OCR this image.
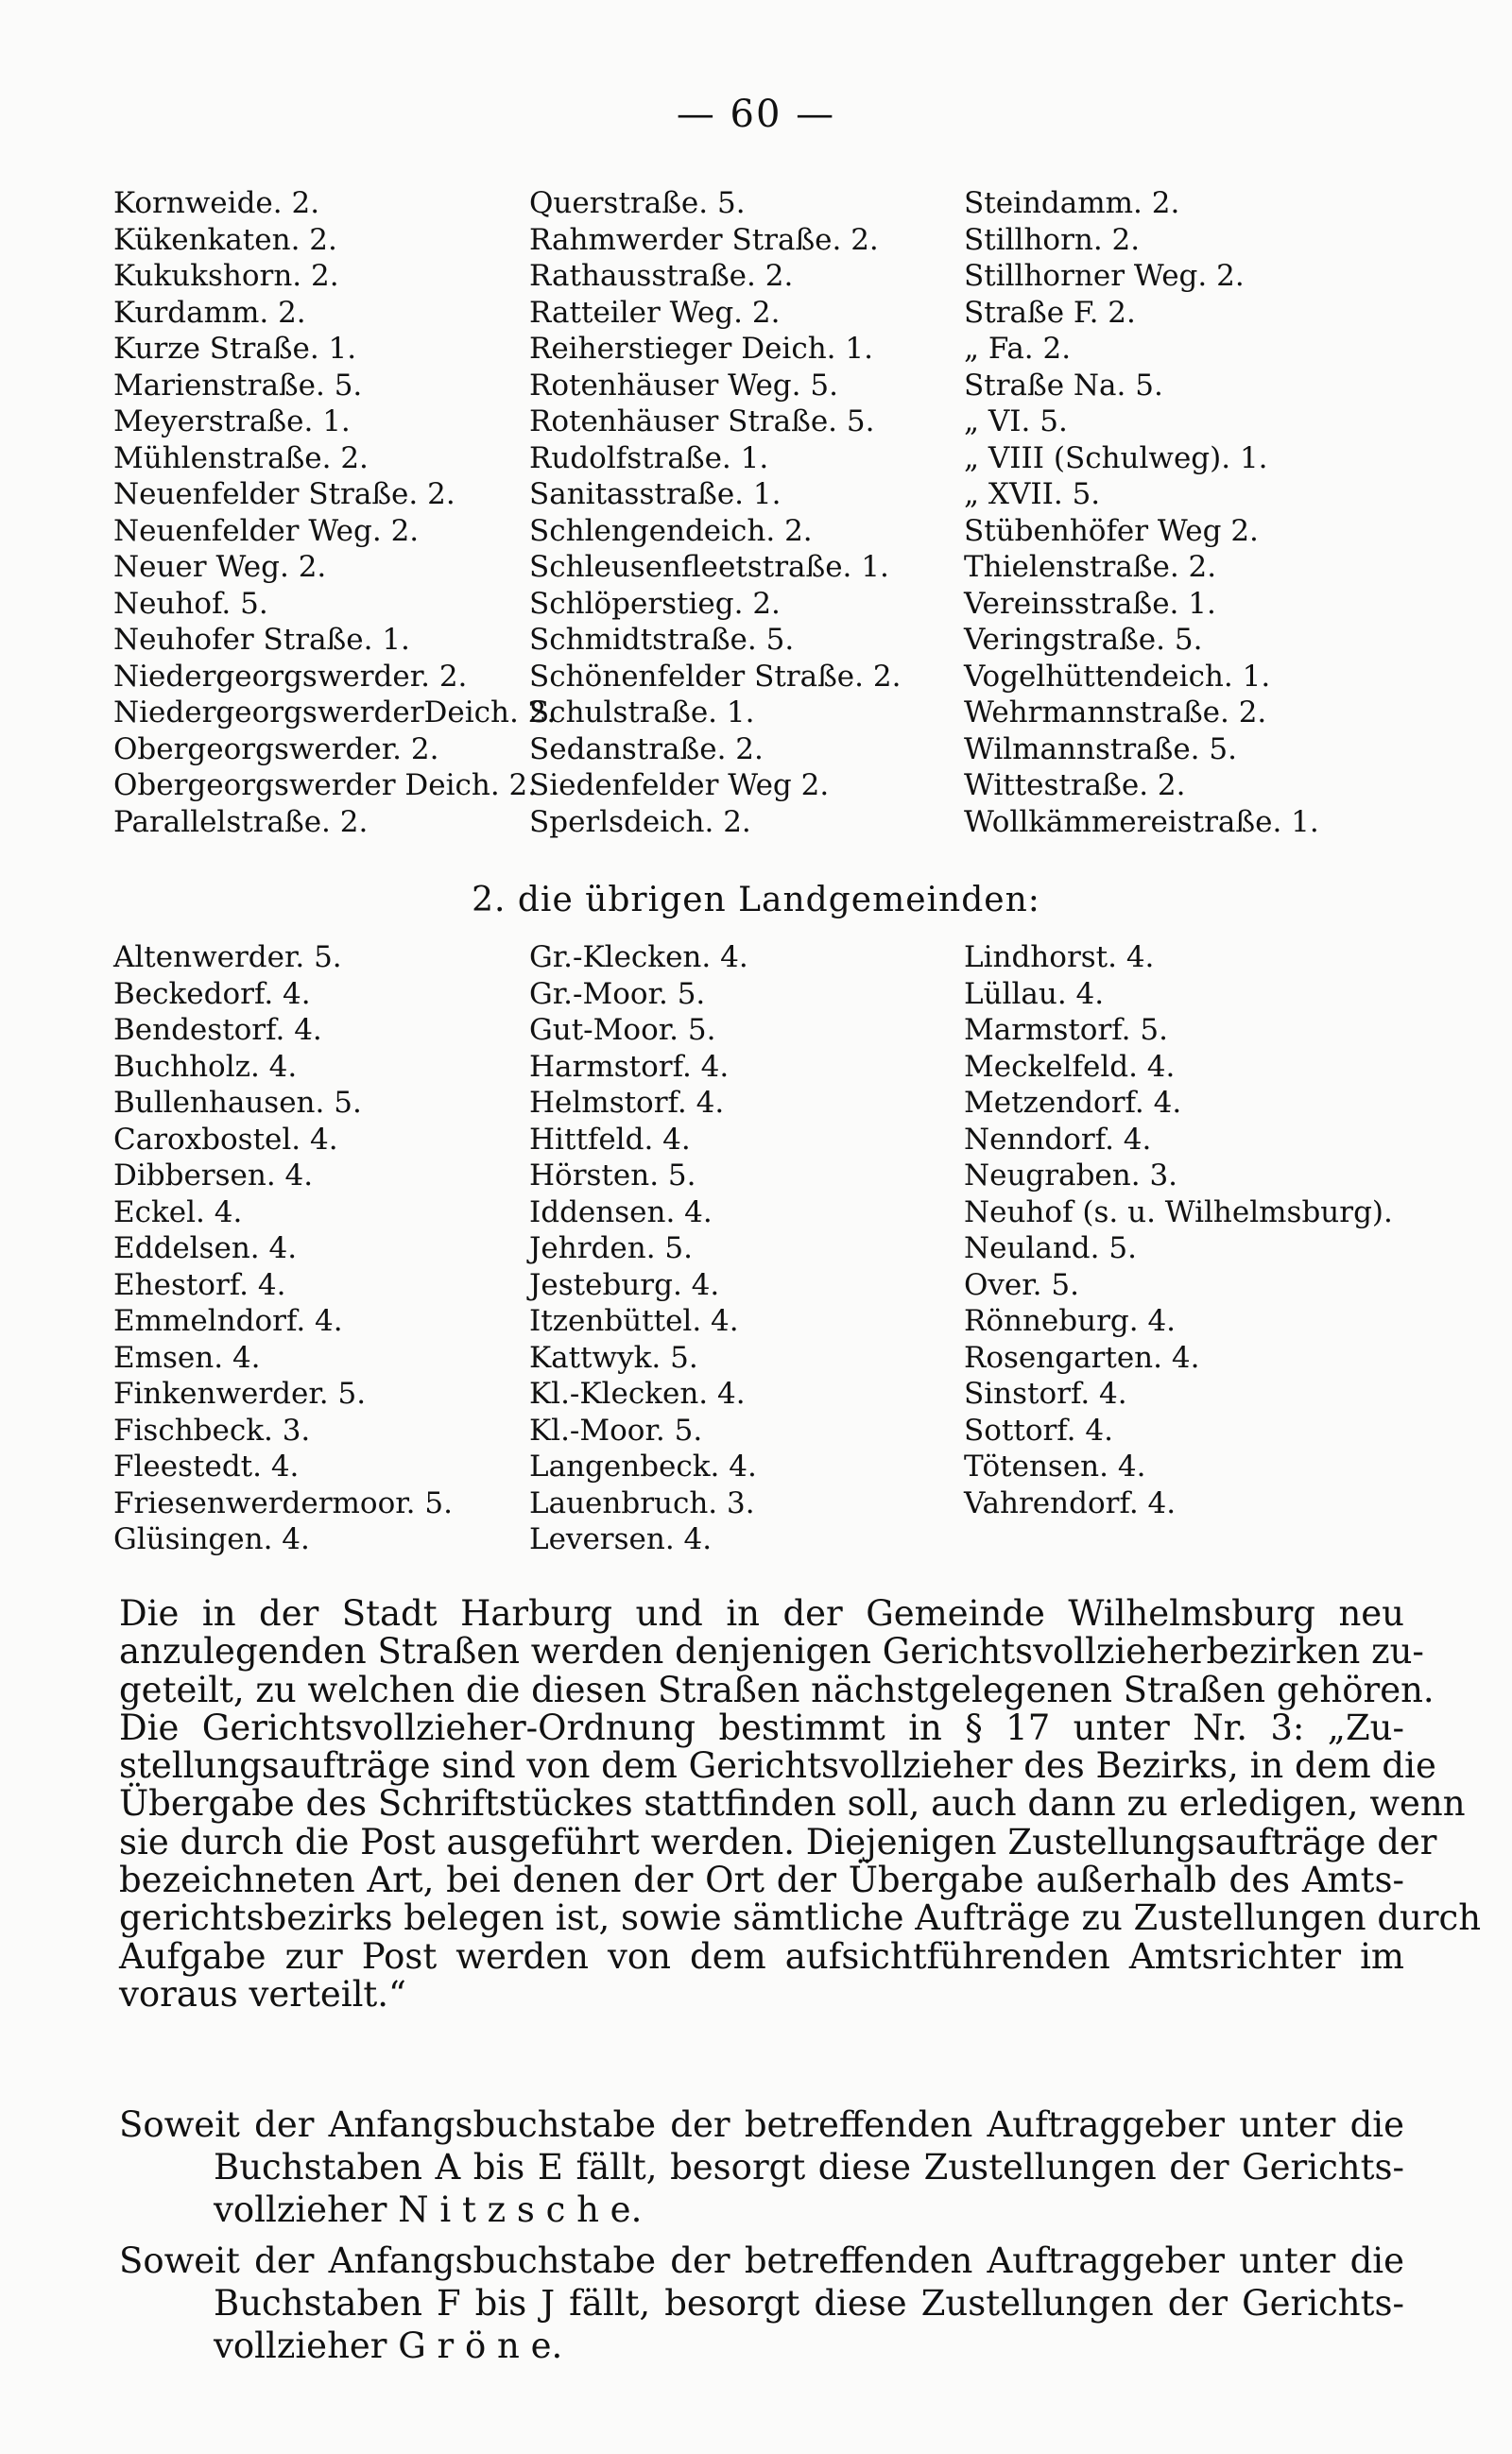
— 60 —
Kornweide. 2.
Kükenkaten. 2.
Kukukshorn. 2.
Kurdamm. 2.
Kurze Straße. 1.
Marienstraße. 5.
Meyerstraße. 1.
Mühlenstraße. 2.
Neuenfelder Straße. 2.
Neuenfelder Weg. 2.
Neuer Weg. 2.
Neuhof. 5.
Neuhofer Straße. 1.
Niedergeorgswerder. 2.
NiedergeorgswerderDeich. 2.
Obergeorgswerder. 2.
Obergeorgswerder Deich. 2.
Parallelstraße. 2.
Querstraße. 5.
Rahmwerder Straße. 2.
Rathausstraße. 2.
Ratteiler Weg. 2.
Reiherstieger Deich. 1.
Rotenhäuser Weg. 5.
Rotenhäuser Straße. 5.
Rudolfstraße. 1.
Sanitasstraße. 1.
Schlengendeich. 2.
Schleusenfleetstraße. 1.
Schlöperstieg. 2.
Schmidtstraße. 5.
Schönenfelder Straße. 2.
Schulstraße. 1.
Sedanstraße. 2.
Siedenfelder Weg 2.
Sperlsdeich. 2.
Steindamm. 2.
Stillhorn. 2.
Stillhorner Weg. 2.
Straße F. 2.
„ Fa. 2.
Straße Na. 5.
„ VI. 5.
„ VIII (Schulweg). 1.
„ XVII. 5.
Stübenhöfer Weg 2.
Thielenstraße. 2.
Vereinsstraße. 1.
Veringstraße. 5.
Vogelhüttendeich. 1.
Wehrmannstraße. 2.
Wilmannstraße. 5.
Wittestraße. 2.
Wollkämmereistraße. 1.
2. die übrigen Landgemeinden:
Altenwerder. 5.
Beckedorf. 4.
Bendestorf. 4.
Buchholz. 4.
Bullenhausen. 5.
Caroxbostel. 4.
Dibbersen. 4.
Eckel. 4.
Eddelsen. 4.
Ehestorf. 4.
Emmelndorf. 4.
Emsen. 4.
Finkenwerder. 5.
Fischbeck. 3.
Fleestedt. 4.
Friesenwerdermoor. 5.
Glüsingen. 4.
Gr.-Klecken. 4.
Gr.-Moor. 5.
Gut-Moor. 5.
Harmstorf. 4.
Helmstorf. 4.
Hittfeld. 4.
Hörsten. 5.
Iddensen. 4.
Jehrden. 5.
Jesteburg. 4.
Itzenbüttel. 4.
Kattwyk. 5.
Kl.-Klecken. 4.
Kl.-Moor. 5.
Langenbeck. 4.
Lauenbruch. 3.
Leversen. 4.
Lindhorst. 4.
Lüllau. 4.
Marmstorf. 5.
Meckelfeld. 4.
Metzendorf. 4.
Nenndorf. 4.
Neugraben. 3.
Neuhof (s. u. Wilhelmsburg).
Neuland. 5.
Over. 5.
Rönneburg. 4.
Rosengarten. 4.
Sinstorf. 4.
Sottorf. 4.
Tötensen. 4.
Vahrendorf. 4.
Die in der Stadt Harburg und in der Gemeinde Wilhelmsburg neu
anzulegenden Straßen werden denjenigen Gerichtsvollzieherbezirken zu-
geteilt, zu welchen die diesen Straßen nächstgelegenen Straßen gehören.
Die Gerichtsvollzieher-Ordnung bestimmt in § 17 unter Nr. 3: „Zu-
stellungsaufträge sind von dem Gerichtsvollzieher des Bezirks, in dem die
Übergabe des Schriftstückes stattfinden soll, auch dann zu erledigen, wenn
sie durch die Post ausgeführt werden. Diejenigen Zustellungsaufträge der
bezeichneten Art, bei denen der Ort der Übergabe außerhalb des Amts-
gerichtsbezirks belegen ist, sowie sämtliche Aufträge zu Zustellungen durch
Aufgabe zur Post werden von dem aufsichtführenden Amtsrichter im
voraus verteilt.“
Soweit der Anfangsbuchstabe der betreffenden Auftraggeber unter die
Buchstaben A bis E fällt, besorgt diese Zustellungen der Gerichts-
vollzieher N i t z s c h e.
Soweit der Anfangsbuchstabe der betreffenden Auftraggeber unter die
Buchstaben F bis J fällt, besorgt diese Zustellungen der Gerichts-
vollzieher G r ö n e.
